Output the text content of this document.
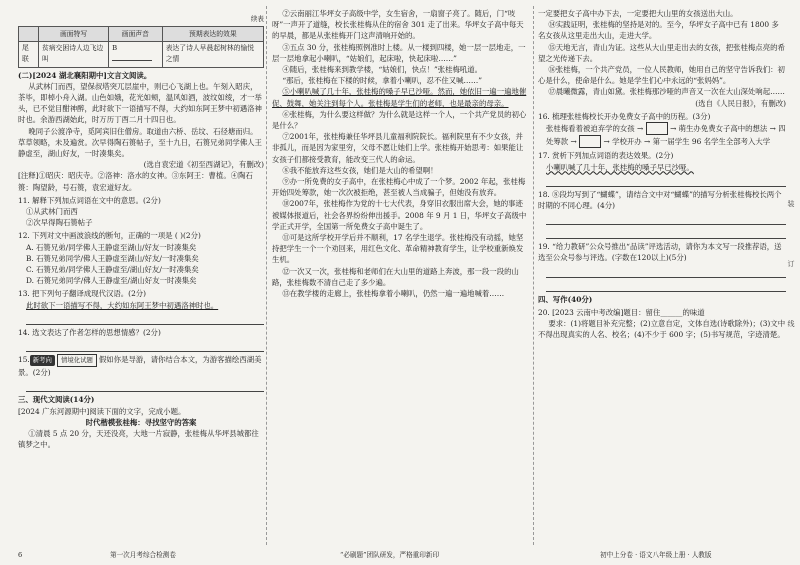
续表
	画面特写	画面声音	预期表达的效果
尾联	贫病交困诗人边飞边叫	B	表达了诗人早晨起树林的愉悦之情

(二)[2024 湖北襄阳期中]文言文阅读。

从武林门而西，望保叔塔突兀层崖中，则已心飞湖上也。午刻入昭庆，茶毕，即棹小舟入湖。山色如娥，花光如颊，温风如酒，波纹如绫，才一举头，已不觉目酣神醉，此时欲下一语描写不得，大约如东阿王梦中初遇洛神时也。余游西湖始此，时万历丁酉二月十四日也。

晚同子公渡净寺，觅阿宾旧住僧房。取道由六桥、岳坟、石径塘而归。草草领略，未及遍赏。次早得陶石篑帖子，至十九日，石篑兄弟同学佛人王静虚至，湖山好友，一时凑集矣。

(选自袁宏道《初至西湖记》，有删改)

[注释]①昭庆：昭庆寺。②洛神：洛水的女神。③东阿王：曹植。④陶石篑：陶望龄，号石篑，袁宏道好友。

11. 解释下列加点词语在文中的意思。(2分)

①从武林门而西

②次早得陶石篑帖子

12. 下列对文中画波浪线的断句，正确的一项是 ( )(2分)

A. 石篑兄弟/同学佛人王静虚至湖山/好友一时凑集矣

B. 石篑兄弟同学/佛人王静虚至湖山/好友/一时凑集矣

C. 石篑兄弟/同学佛人王静虚至/湖山好友/一时凑集矣

D. 石篑兄弟同学/佛人王静虚至/湖山好友一时凑集矣

13. 把下列句子翻译成现代汉语。(2分)

此时欲下一语描写不得，大约如东阿王梦中初遇洛神时也。

14. 选文表达了作者怎样的思想情感？(2分)

15. 新考向 情境化试题 假如你是导游，请你结合本文，为游客描绘西湖美景。(2分)

三、现代文阅读(14分)

[2024 广东河源期中]阅读下面的文字，完成小题。

时代楷模张桂梅：寻找坚守的答案

①清晨 5 点 20 分，天还没亮，大地一片寂静，张桂梅从华坪县城都往镇梦之中。

6	第一次月考综合检测卷

②云南丽江华坪女子高级中学，女生宿舍，一扇窗子亮了。随后，门“吱呀”一声开了道缝，校长张桂梅从住的宿舍 301 走了出来。华坪女子高中每天的早晨，都是从张桂梅开门这声清响开始的。

③五点 30 分，张桂梅照例准时上楼。从一楼到四楼，她一层一层地走，一层一层地拿起小喇叭，“姑娘们，起床啦，快起床啦……”

④随后，张桂梅来到教学楼，“姑娘们，快点！”张桂梅吼道。

“那后，张桂梅在下楼的时候，拿着小喇叭，忍不住又喊……”

⑤小喇叭喊了几十年，张桂梅的嗓子早已沙哑。然而，她依旧一遍一遍地催促、鼓舞，她关注到每个人。张桂梅是学生们的老师，也是最亲的母亲。

⑥张桂梅，为什么要这样做？为什么就是这样一个人，一个共产党员的初心是什么？

⑦2001年，张桂梅兼任华坪县儿童福利院院长。福利院里有不少女孩，并非孤儿，而是因为家里穷，父母不愿让她们上学。张桂梅开始思考：如果能让女孩子们都接受教育，能改变三代人的命运。

⑧我不能放弃这些女孩，她们是大山的希望啊！

⑨办一所免费的女子高中，在张桂梅心中成了一个梦。2002 年起，张桂梅开始四处筹款，她一次次被拒绝，甚至被人当成骗子，但她没有放弃。

⑩2007年，张桂梅作为党的十七大代表，身穿旧衣服出席大会，她的事迹被媒体报道后，社会各界纷纷伸出援手。2008 年 9 月 1 日，华坪女子高级中学正式开学，全国第一所免费女子高中诞生了。

⑪可是这所学校开学后并不顺利，17 名学生退学。张桂梅没有动摇，她坚持把学生一个一个劝回来，用红色文化、革命精神教育学生，让学校重新焕发生机。

⑫一次又一次，张桂梅和老师们在大山里的道路上奔波，那一段一段的山路，张桂梅数不清自己走了多少遍。

⑬在教学楼的走廊上，张桂梅拿着小喇叭，仍然一遍一遍地喊着……

“必刷题”团队研发，严格重印新印

一定要把女子高中办下去，一定要把大山里的女孩送出大山。

⑭实践证明，张桂梅的坚持是对的。至今，华坪女子高中已有 1800 多名女孩从这里走出大山，走进大学。

⑮天地无言，青山为证。这些从大山里走出去的女孩，把张桂梅点亮的希望之光传递下去。

⑯张桂梅，一个共产党员，一位人民教师，她用自己的坚守告诉我们：初心是什么，使命是什么。她是学生们心中永远的“张妈妈”。

⑰晨曦微露，青山如黛。张桂梅那沙哑的声音又一次在大山深处响起……

(选自《人民日报》，有删改)

16. 梳理张桂梅校长开办免费女子高中的历程。(3分)

张桂梅看着被迫弃学的女孩 →	→ 萌生办免费女子高中的想法 → 四处筹款 →	→ 学校开办 → 第一届学生 96 名学生全部考入大学

17. 赏析下列加点词语的表达效果。(2分)

小喇叭喊了几十年，张桂梅的嗓子早已沙哑。

18. ⑧段均写到了“蝴蝶”，请结合文中对“蝴蝶”的描写分析张桂梅校长两个时期的不同心理。(4分)

19. “给力教研”公众号推出“品读”评选活动，请你为本文写一段推荐语，送选至公众号参与评选。(字数在120以上)(5分)

四、写作(40分)

20. [2023 云南中考改编]题目：留住______的味道

要求：(1)将题目补充完整；(2)立意自定，文体自选(诗歌除外)；(3)文中不得出现真实的人名、校名；(4)不少于 600 字；(5)书写规范，字迹清楚。

初中上分卷 · 语文八年级上册 · 人教版
装
订
线
